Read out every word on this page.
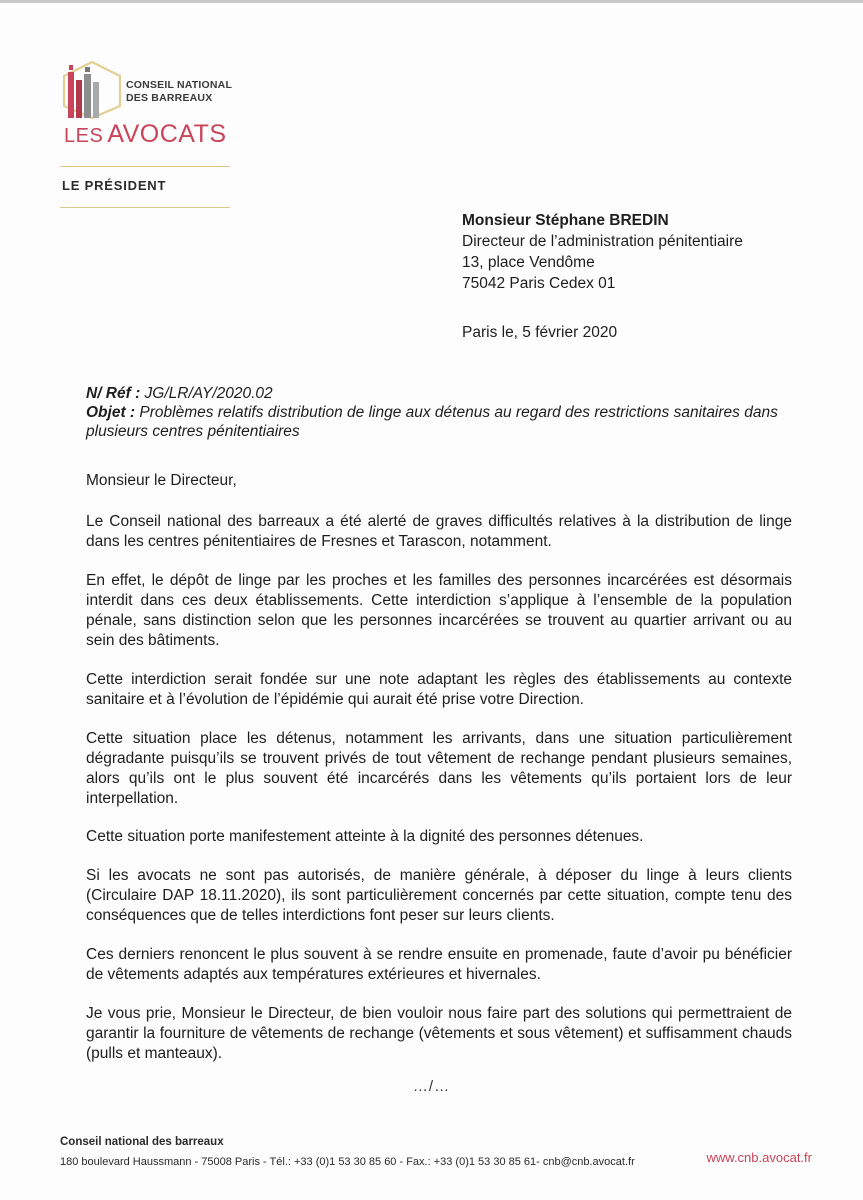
CONSEIL NATIONAL
DES BARREAUX
LES AVOCATS
LE PRÉSIDENT
Monsieur Stéphane BREDIN
Directeur de l’administration pénitentiaire
13, place Vendôme
75042 Paris Cedex 01
Paris le, 5 février 2020
N/ Réf : JG/LR/AY/2020.02
Objet : Problèmes relatifs distribution de linge aux détenus au regard des restrictions sanitaires dans plusieurs centres pénitentiaires

Monsieur le Directeur,

Le Conseil national des barreaux a été alerté de graves difficultés relatives à la distribution de linge dans les centres pénitentiaires de Fresnes et Tarascon, notamment.

En effet, le dépôt de linge par les proches et les familles des personnes incarcérées est désormais interdit dans ces deux établissements. Cette interdiction s’applique à l’ensemble de la population pénale, sans distinction selon que les personnes incarcérées se trouvent au quartier arrivant ou au sein des bâtiments.

Cette interdiction serait fondée sur une note adaptant les règles des établissements au contexte sanitaire et à l’évolution de l’épidémie qui aurait été prise votre Direction.

Cette situation place les détenus, notamment les arrivants, dans une situation particulièrement dégradante puisqu’ils se trouvent privés de tout vêtement de rechange pendant plusieurs semaines, alors qu’ils ont le plus souvent été incarcérés dans les vêtements qu’ils portaient lors de leur interpellation.

Cette situation porte manifestement atteinte à la dignité des personnes détenues.

Si les avocats ne sont pas autorisés, de manière générale, à déposer du linge à leurs clients (Circulaire DAP 18.11.2020), ils sont particulièrement concernés par cette situation, compte tenu des conséquences que de telles interdictions font peser sur leurs clients.

Ces derniers renoncent le plus souvent à se rendre ensuite en promenade, faute d’avoir pu bénéficier de vêtements adaptés aux températures extérieures et hivernales.

Je vous prie, Monsieur le Directeur, de bien vouloir nous faire part des solutions qui permettraient de garantir la fourniture de vêtements de rechange (vêtements et sous vêtement) et suffisamment chauds (pulls et manteaux).

…/…
Conseil national des barreaux
180 boulevard Haussmann - 75008 Paris - Tél.: +33 (0)1 53 30 85 60 - Fax.: +33 (0)1 53 30 85 61- cnb@cnb.avocat.fr	www.cnb.avocat.fr
